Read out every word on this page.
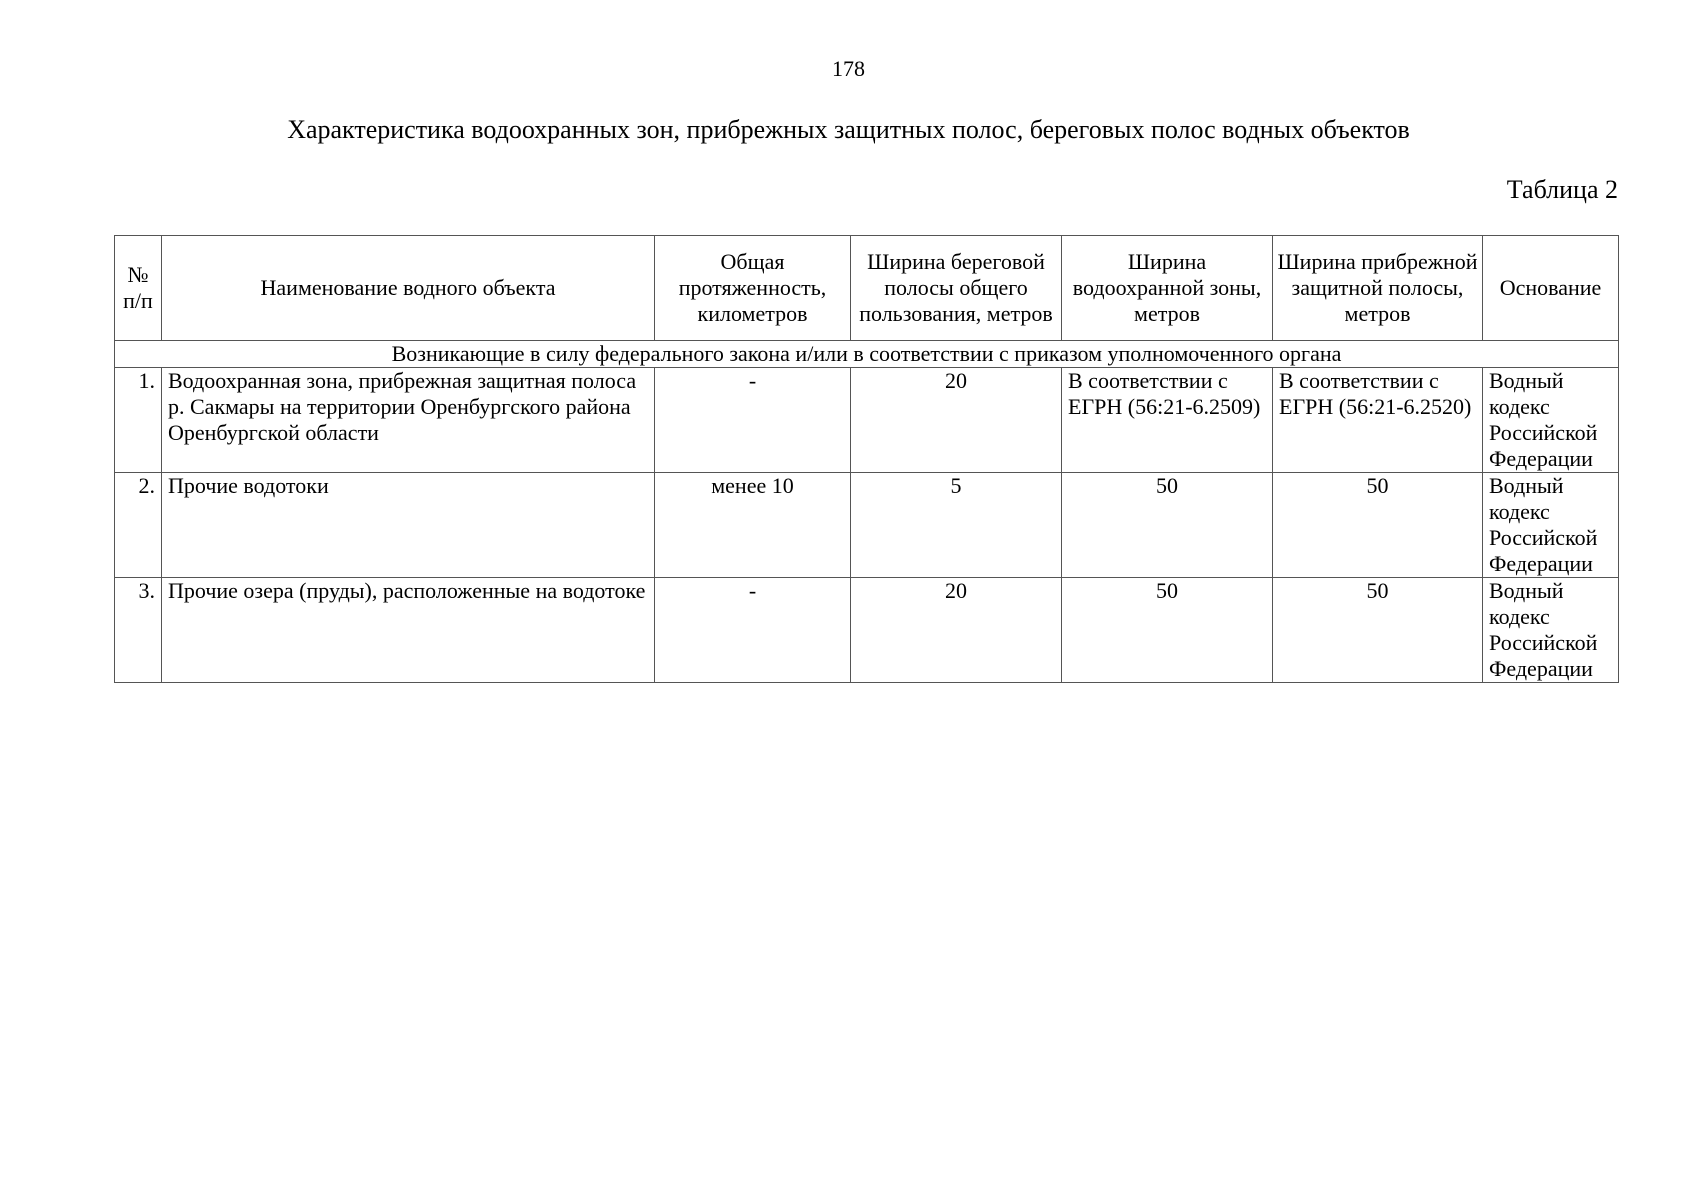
178
Характеристика водоохранных зон, прибрежных защитных полос, береговых полос водных объектов
Таблица 2
№ п/п	Наименование водного объекта	Общая протяженность, километров	Ширина береговой полосы общего пользования, метров	Ширина водоохранной зоны, метров	Ширина прибрежной защитной полосы, метров	Основание
Возникающие в силу федерального закона и/или в соответствии с приказом уполномоченного органа						
1.	Водоохранная зона, прибрежная защитная полоса р. Сакмары на территории Оренбургского района Оренбургской области	-	20	В соответствии с ЕГРН (56:21-6.2509)	В соответствии с ЕГРН (56:21-6.2520)	Водный кодекс Российской Федерации
2.	Прочие водотоки	менее 10	5	50	50	Водный кодекс Российской Федерации
3.	Прочие озера (пруды), расположенные на водотоке	-	20	50	50	Водный кодекс Российской Федерации
